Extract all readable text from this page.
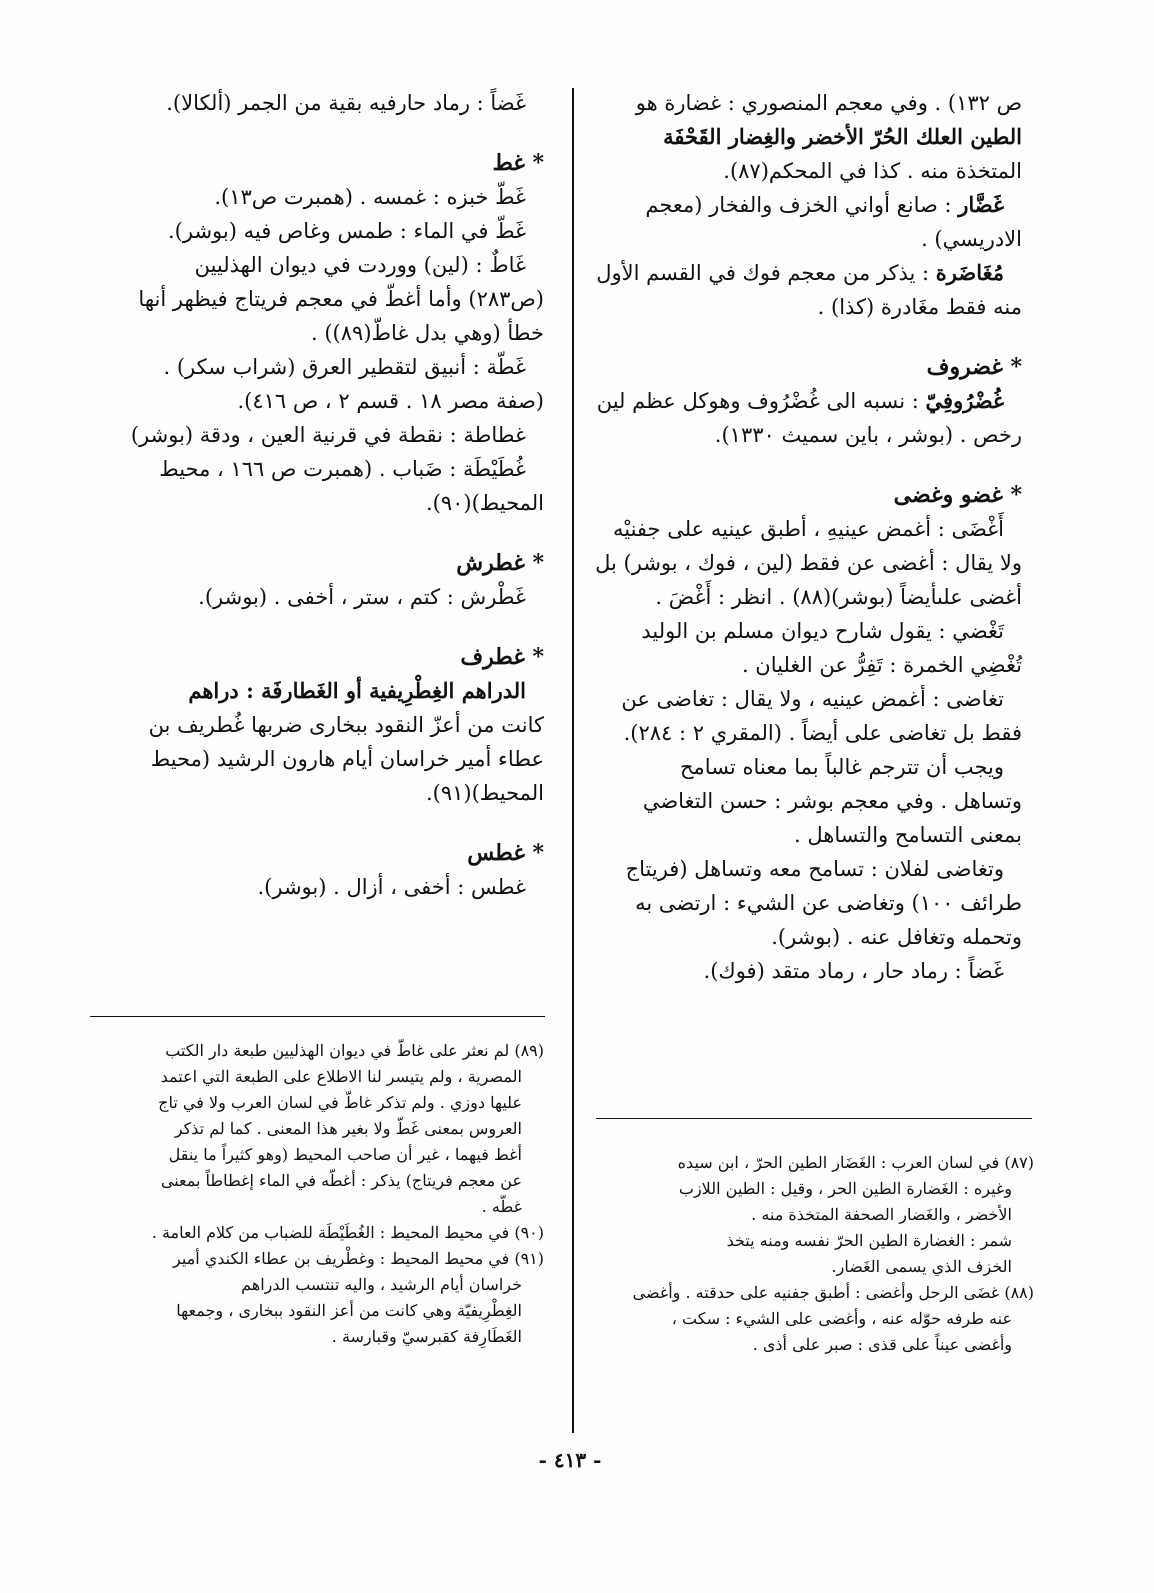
ص ١٣٢) . وفي معجم المنصوري : غضارة هو

الطين العلك الحُرّ الأخضر والغِضار القَحْفَة

المتخذة منه . كذا في المحكم(٨٧).

غَضَّار : صانع أواني الخزف والفخار (معجم

الادريسي) .

مُغَاضَرة : يذكر من معجم فوك في القسم الأول

منه فقط مغَادرة (كذا) .

* غضروف

غُضْرُوفِيّ : نسبه الى غُضْرُوف وهوكل عظم لين

رخص . (بوشر ، باين سميث ١٣٣٠).

* غضو وغضى

أَغْضَى : أغمض عينيهِ ، أطبق عينيه على جفنيْه

ولا يقال : أغضى عن فقط (لين ، فوك ، بوشر) بل

أغضى علىأيضاً (بوشر)(٨٨) . انظر : أَغْضَ .

تَغْضي : يقول شارح ديوان مسلم بن الوليد

تُغْضِي الخمرة : تَفِرُّ عن الغليان .

تغاضى : أغمض عينيه ، ولا يقال : تغاضى عن

فقط بل تغاضى على أيضاً . (المقري ٢ : ٢٨٤).

ويجب أن تترجم غالباً بما معناه تسامح

وتساهل . وفي معجم بوشر : حسن التغاضي

بمعنى التسامح والتساهل .

وتغاضى لفلان : تسامح معه وتساهل (فريتاج

طرائف ١٠٠) وتغاضى عن الشيء : ارتضى به

وتحمله وتغافل عنه . (بوشر).

غَضاً : رماد حار ، رماد متقد (فوك).

غَضاً : رماد حارفيه بقية من الجمر (ألكالا).

* غط

غَطّ خبزه : غمسه . (همبرت ص١٣).

غَطّ في الماء : طمس وغاص فيه (بوشر).

غَاطٌ : (لين) ووردت في ديوان الهذليين

(ص٢٨٣) وأما أغطّ في معجم فريتاج فيظهر أنها

خطأ (وهي بدل غاطّ(٨٩)) .

غَطّة : أنبيق لتقطير العرق (شراب سكر) .

(صفة مصر ١٨ . قسم ٢ ، ص ٤١٦).

غطاطة : نقطة في قرنية العين ، ودقة (بوشر)

غُطَيْطَة : ضَباب . (همبرت ص ١٦٦ ، محيط

المحيط)(٩٠).

* غطرش

غَطْرش : كتم ، ستر ، أخفى . (بوشر).

* غطرف

الدراهم الغِطْرِيفية أو الغَطارفَة : دراهم

كانت من أعزّ النقود ببخارى ضربها غُطريف بن

عطاء أمير خراسان أيام هارون الرشيد (محيط

المحيط)(٩١).

* غطس

غطس : أخفى ، أزال . (بوشر).

(٨٧) في لسان العرب : الغَضَار الطين الحرّ ، ابن سيده

وغيره : الغَضارة الطين الحر ، وقيل : الطين اللازب

الأخضر ، والغَضار الصحفة المتخذة منه .

شمر : الغضارة الطين الحرّ نفسه ومنه يتخذ

الخزف الذي يسمى الغَضار.

(٨٨) غضَى الرحل وأغضى : أطبق جفنيه على حدقته . وأغضى

عنه طرفه حوّله عنه ، وأغضى على الشيء : سكت ،

وأغضى عيناً على قذى : صبر على أذى .

(٨٩) لم نعثر على غاطّ في ديوان الهذليين طبعة دار الكتب

المصرية ، ولم يتيسر لنا الاطلاع على الطبعة التي اعتمد

عليها دوزي . ولم تذكر غاطّ في لسان العرب ولا في تاج

العروس بمعنى غَطّ ولا بغير هذا المعنى . كما لم تذكر

أغط فيهما ، غير أن صاحب المحيط (وهو كثيراً ما ينقل

عن معجم فريتاج) يذكر : أغطّه في الماء إغطاطاً بمعنى

غطّه .

(٩٠) في محيط المحيط : الغُطَيْطَة للضباب من كلام العامة .

(٩١) في محيط المحيط : وغطْريف بن عطاء الكندي أمير

خراسان أيام الرشيد ، واليه تنتسب الدراهم

الغِطْرِيفيّة وهي كانت من أعز النقود ببخارى ، وجمعها

الغَطَارِفة كقبرسيّ وقبارسة .

- ٤١٣ -
